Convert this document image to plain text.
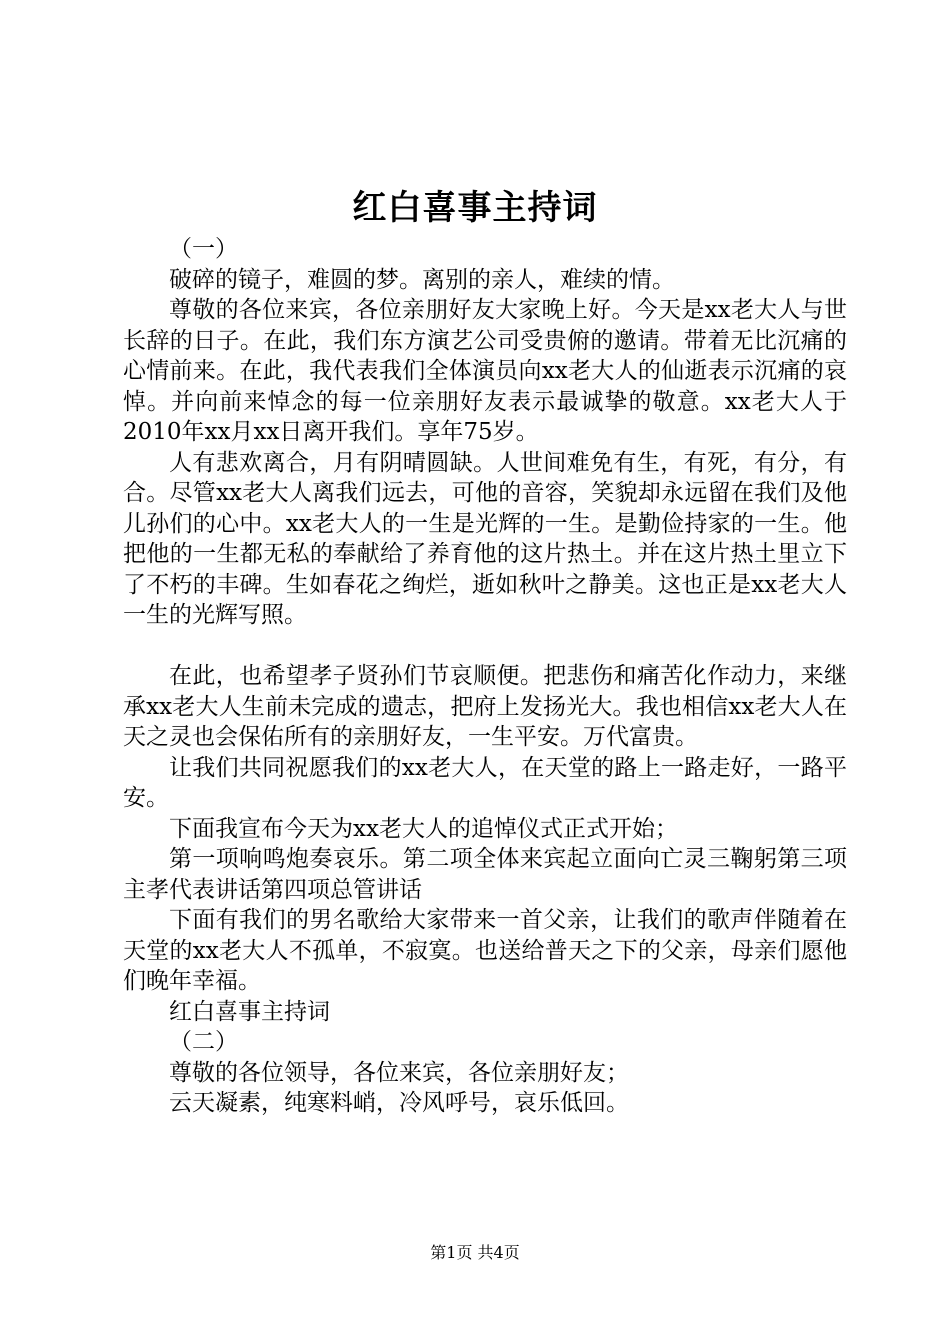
红白喜事主持词

（一）

破碎的镜子，难圆的梦。离别的亲人，难续的情。

尊敬的各位来宾，各位亲朋好友大家晚上好。今天是xx老大人与世长辞的日子。在此，我们东方演艺公司受贵俯的邀请。带着无比沉痛的心情前来。在此，我代表我们全体演员向xx老大人的仙逝表示沉痛的哀悼。并向前来悼念的每一位亲朋好友表示最诚挚的敬意。xx老大人于2010年xx月xx日离开我们。享年75岁。

人有悲欢离合，月有阴晴圆缺。人世间难免有生，有死，有分，有合。尽管xx老大人离我们远去，可他的音容，笑貌却永远留在我们及他儿孙们的心中。xx老大人的一生是光辉的一生。是勤俭持家的一生。他把他的一生都无私的奉献给了养育他的这片热土。并在这片热土里立下了不朽的丰碑。生如春花之绚烂，逝如秋叶之静美。这也正是xx老大人一生的光辉写照。

在此，也希望孝子贤孙们节哀顺便。把悲伤和痛苦化作动力，来继承xx老大人生前未完成的遗志，把府上发扬光大。我也相信xx老大人在天之灵也会保佑所有的亲朋好友，一生平安。万代富贵。

让我们共同祝愿我们的xx老大人，在天堂的路上一路走好，一路平安。

下面我宣布今天为xx老大人的追悼仪式正式开始；

第一项响鸣炮奏哀乐。第二项全体来宾起立面向亡灵三鞠躬第三项主孝代表讲话第四项总管讲话

下面有我们的男名歌给大家带来一首父亲，让我们的歌声伴随着在天堂的xx老大人不孤单，不寂寞。也送给普天之下的父亲，母亲们愿他们晚年幸福。

红白喜事主持词

（二）

尊敬的各位领导，各位来宾，各位亲朋好友；

云天凝素，纯寒料峭，冷风呼号，哀乐低回。

第1页 共4页
